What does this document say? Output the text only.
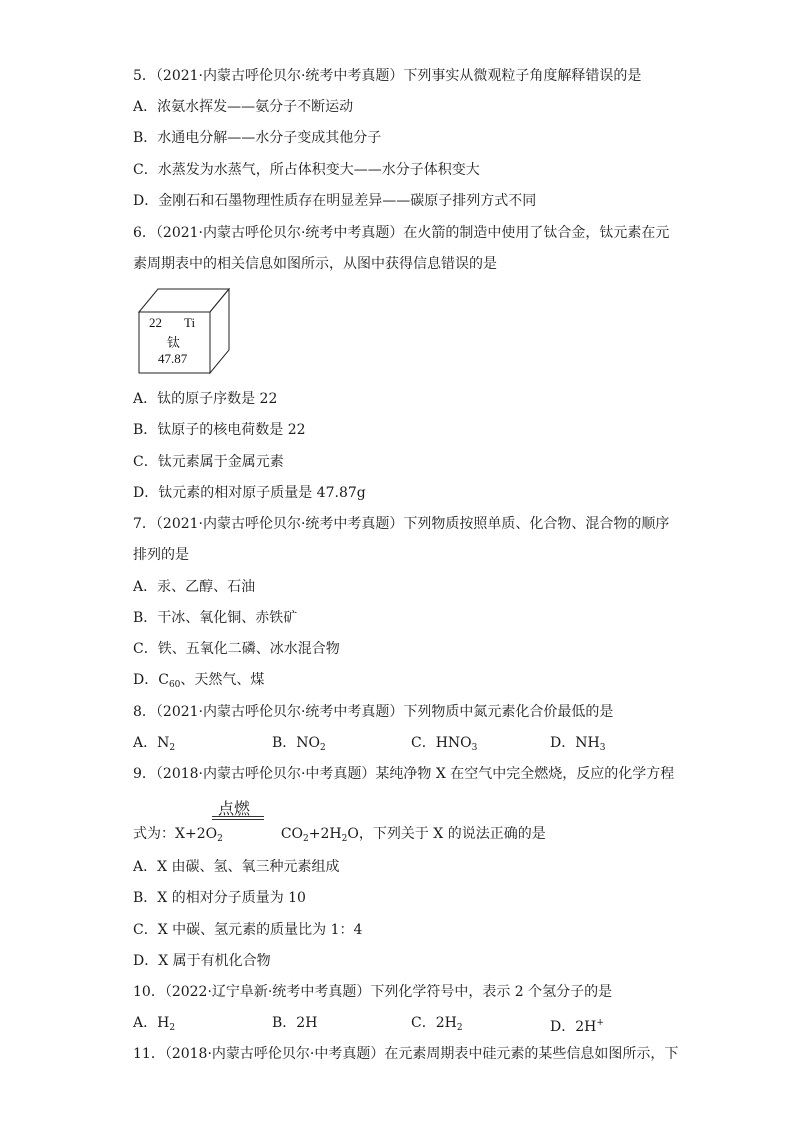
5．（2021·内蒙古呼伦贝尔·统考中考真题）下列事实从微观粒子角度解释错误的是
A．浓氨水挥发——氨分子不断运动
B．水通电分解——水分子变成其他分子
C．水蒸发为水蒸气，所占体积变大——水分子体积变大
D．金刚石和石墨物理性质存在明显差异——碳原子排列方式不同
6．（2021·内蒙古呼伦贝尔·统考中考真题）在火箭的制造中使用了钛合金，钛元素在元
素周期表中的相关信息如图所示，从图中获得信息错误的是
22 Ti
钛
47.87
A．钛的原子序数是 22
B．钛原子的核电荷数是 22
C．钛元素属于金属元素
D．钛元素的相对原子质量是 47.87g
7．（2021·内蒙古呼伦贝尔·统考中考真题）下列物质按照单质、化合物、混合物的顺序
排列的是
A．汞、乙醇、石油
B．干冰、氧化铜、赤铁矿
C．铁、五氧化二磷、冰水混合物
D．$C_{60}$、天然气、煤
8．（2021·内蒙古呼伦贝尔·统考中考真题）下列物质中氮元素化合价最低的是
A．$N_2$	B．$NO_2$	C．$HNO_3$	D．$NH_3$
9．（2018·内蒙古呼伦贝尔·中考真题）某纯净物 X 在空气中完全燃烧，反应的化学方程
点燃
式为：$X+2O_2$	$CO_2+2H_2O$，下列关于 X 的说法正确的是
A．X 由碳、氢、氧三种元素组成
B．X 的相对分子质量为 10
C．X 中碳、氢元素的质量比为 1：4
D．X 属于有机化合物
10．（2022·辽宁阜新·统考中考真题）下列化学符号中，表示 2 个氢分子的是
A．$H_2$	B．2H	C．$2H_2$	D．2H+
11．（2018·内蒙古呼伦贝尔·中考真题）在元素周期表中硅元素的某些信息如图所示，下
